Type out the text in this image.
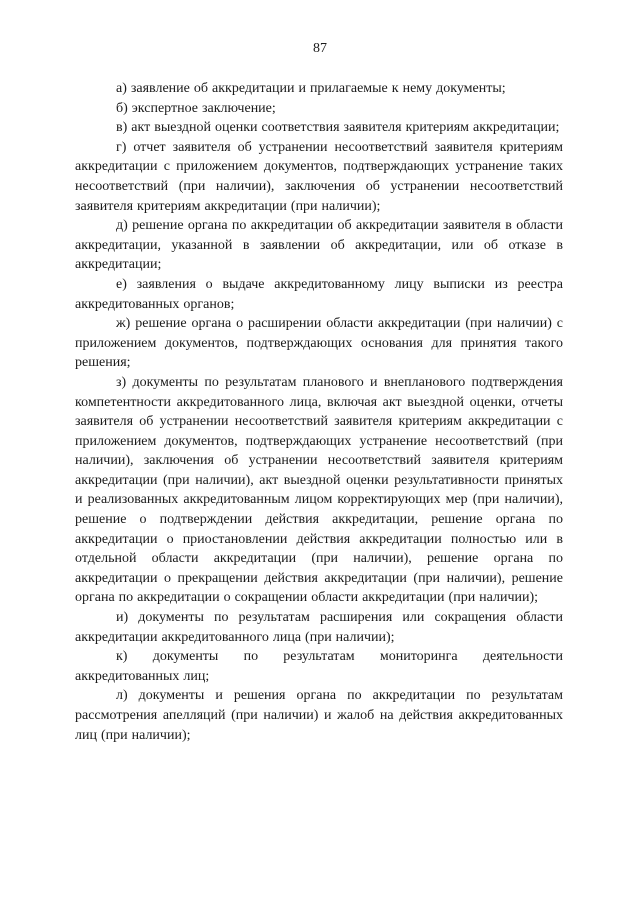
87

а) заявление об аккредитации и прилагаемые к нему документы;

б) экспертное заключение;

в) акт выездной оценки соответствия заявителя критериям аккредитации;

г) отчет заявителя об устранении несоответствий заявителя критериям аккредитации с приложением документов, подтверждающих устранение таких несоответствий (при наличии), заключения об устранении несоответствий заявителя критериям аккредитации (при наличии);

д) решение органа по аккредитации об аккредитации заявителя в области аккредитации, указанной в заявлении об аккредитации, или об отказе в аккредитации;

е) заявления о выдаче аккредитованному лицу выписки из реестра аккредитованных органов;

ж) решение органа о расширении области аккредитации (при наличии) с приложением документов, подтверждающих основания для принятия такого решения;

з) документы по результатам планового и внепланового подтверждения компетентности аккредитованного лица, включая акт выездной оценки, отчеты заявителя об устранении несоответствий заявителя критериям аккредитации с приложением документов, подтверждающих устранение несоответствий (при наличии), заключения об устранении несоответствий заявителя критериям аккредитации (при наличии), акт выездной оценки результативности принятых и реализованных аккредитованным лицом корректирующих мер (при наличии), решение о подтверждении действия аккредитации, решение органа по аккредитации о приостановлении действия аккредитации полностью или в отдельной области аккредитации (при наличии), решение органа по аккредитации о прекращении действия аккредитации (при наличии), решение органа по аккредитации о сокращении области аккредитации (при наличии);

и) документы по результатам расширения или сокращения области аккредитации аккредитованного лица (при наличии);

к) документы по результатам мониторинга деятельности аккредитованных лиц;

л) документы и решения органа по аккредитации по результатам рассмотрения апелляций (при наличии) и жалоб на действия аккредитованных лиц (при наличии);
